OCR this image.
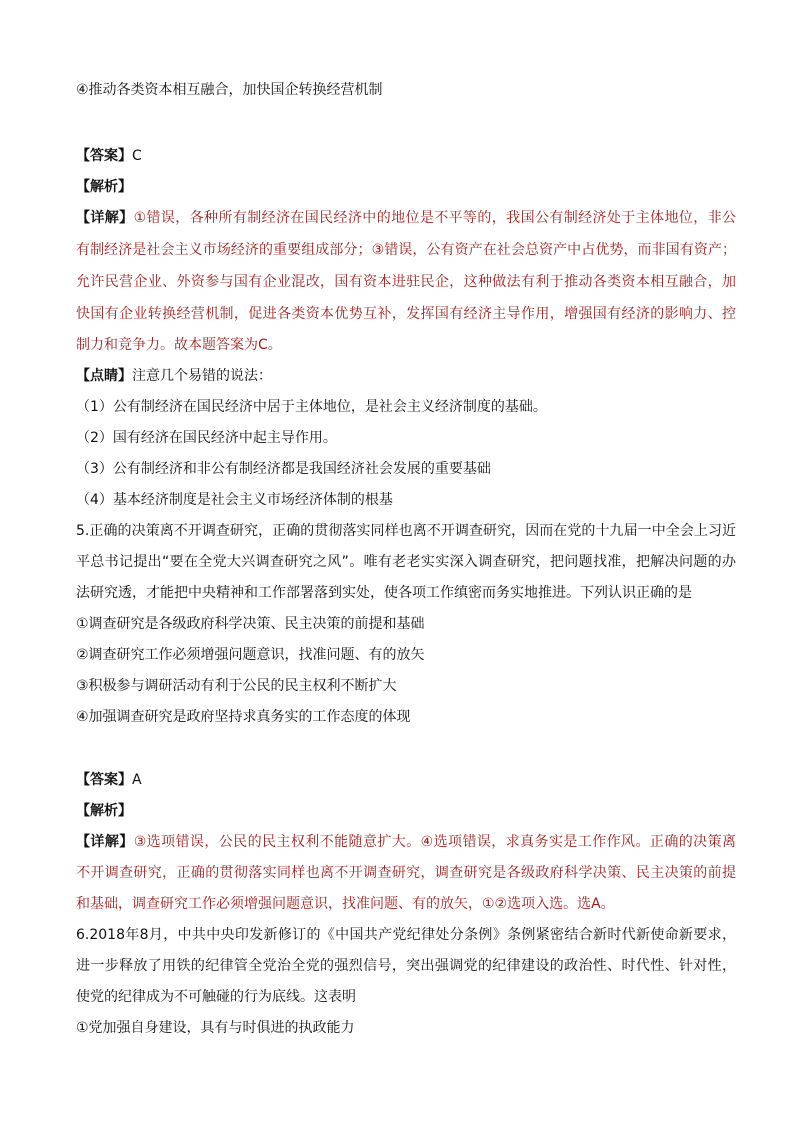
④推动各类资本相互融合，加快国企转换经营机制
【答案】C
【解析】
【详解】①错误，各种所有制经济在国民经济中的地位是不平等的，我国公有制经济处于主体地位，非公
有制经济是社会主义市场经济的重要组成部分；③错误，公有资产在社会总资产中占优势，而非国有资产；
允许民营企业、外资参与国有企业混改，国有资本进驻民企，这种做法有利于推动各类资本相互融合，加
快国有企业转换经营机制，促进各类资本优势互补，发挥国有经济主导作用，增强国有经济的影响力、控
制力和竞争力。故本题答案为C。
【点睛】注意几个易错的说法：
（1）公有制经济在国民经济中居于主体地位，是社会主义经济制度的基础。
（2）国有经济在国民经济中起主导作用。
（3）公有制经济和非公有制经济都是我国经济社会发展的重要基础
（4）基本经济制度是社会主义市场经济体制的根基
5.正确的决策离不开调查研究，正确的贯彻落实同样也离不开调查研究，因而在党的十九届一中全会上习近
平总书记提出“要在全党大兴调查研究之风”。唯有老老实实深入调查研究，把问题找准，把解决问题的办
法研究透，才能把中央精神和工作部署落到实处，使各项工作缜密而务实地推进。下列认识正确的是
①调查研究是各级政府科学决策、民主决策的前提和基础
②调查研究工作必须增强问题意识，找准问题、有的放矢
③积极参与调研活动有利于公民的民主权利不断扩大
④加强调查研究是政府坚持求真务实的工作态度的体现
【答案】A
【解析】
【详解】③选项错误，公民的民主权利不能随意扩大。④选项错误，求真务实是工作作风。正确的决策离
不开调查研究，正确的贯彻落实同样也离不开调查研究，调查研究是各级政府科学决策、民主决策的前提
和基础，调查研究工作必须增强问题意识，找准问题、有的放矢，①②选项入选。选A。
6.2018年8月，中共中央印发新修订的《中国共产党纪律处分条例》条例紧密结合新时代新使命新要求，
进一步释放了用铁的纪律管全党治全党的强烈信号，突出强调党的纪律建设的政治性、时代性、针对性，
使党的纪律成为不可触碰的行为底线。这表明
①党加强自身建设，具有与时俱进的执政能力
